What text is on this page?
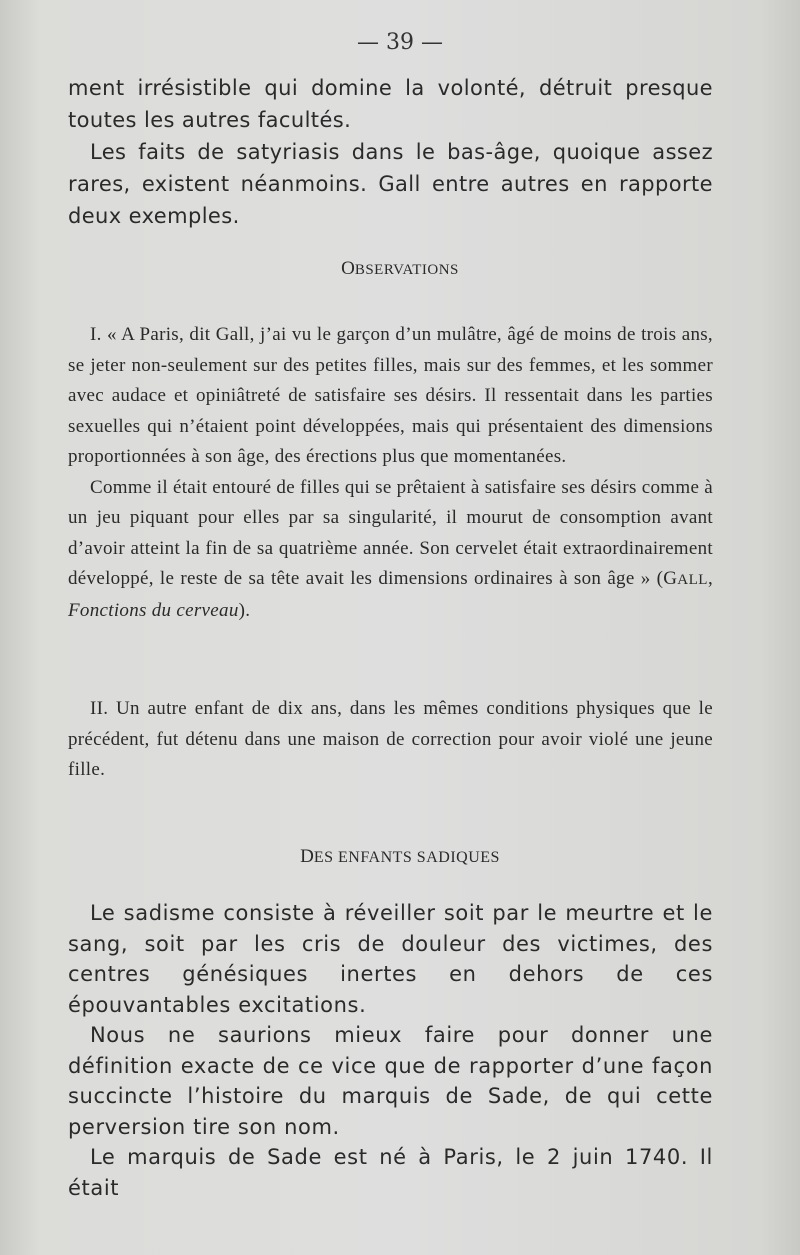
— 39 —

ment irrésistible qui domine la volonté, détruit presque toutes les autres facultés.

Les faits de satyriasis dans le bas-âge, quoique assez rares, existent néanmoins. Gall entre autres en rapporte deux exemples.

OBSERVATIONS

I. « A Paris, dit Gall, j’ai vu le garçon d’un mulâtre, âgé de moins de trois ans, se jeter non-seulement sur des petites filles, mais sur des femmes, et les sommer avec audace et opiniâtreté de satisfaire ses désirs. Il ressentait dans les parties sexuelles qui n’étaient point développées, mais qui présentaient des dimensions proportionnées à son âge, des érections plus que momentanées.

Comme il était entouré de filles qui se prêtaient à satisfaire ses désirs comme à un jeu piquant pour elles par sa singularité, il mourut de consomption avant d’avoir atteint la fin de sa quatrième année. Son cervelet était extraordinairement développé, le reste de sa tête avait les dimensions ordinaires à son âge » (GALL, Fonctions du cerveau).

II. Un autre enfant de dix ans, dans les mêmes conditions physiques que le précédent, fut détenu dans une maison de correction pour avoir violé une jeune fille.

DES ENFANTS SADIQUES

Le sadisme consiste à réveiller soit par le meurtre et le sang, soit par les cris de douleur des victimes, des centres génésiques inertes en dehors de ces épouvantables excitations.

Nous ne saurions mieux faire pour donner une définition exacte de ce vice que de rapporter d’une façon succincte l’histoire du marquis de Sade, de qui cette perversion tire son nom.

Le marquis de Sade est né à Paris, le 2 juin 1740. Il était
